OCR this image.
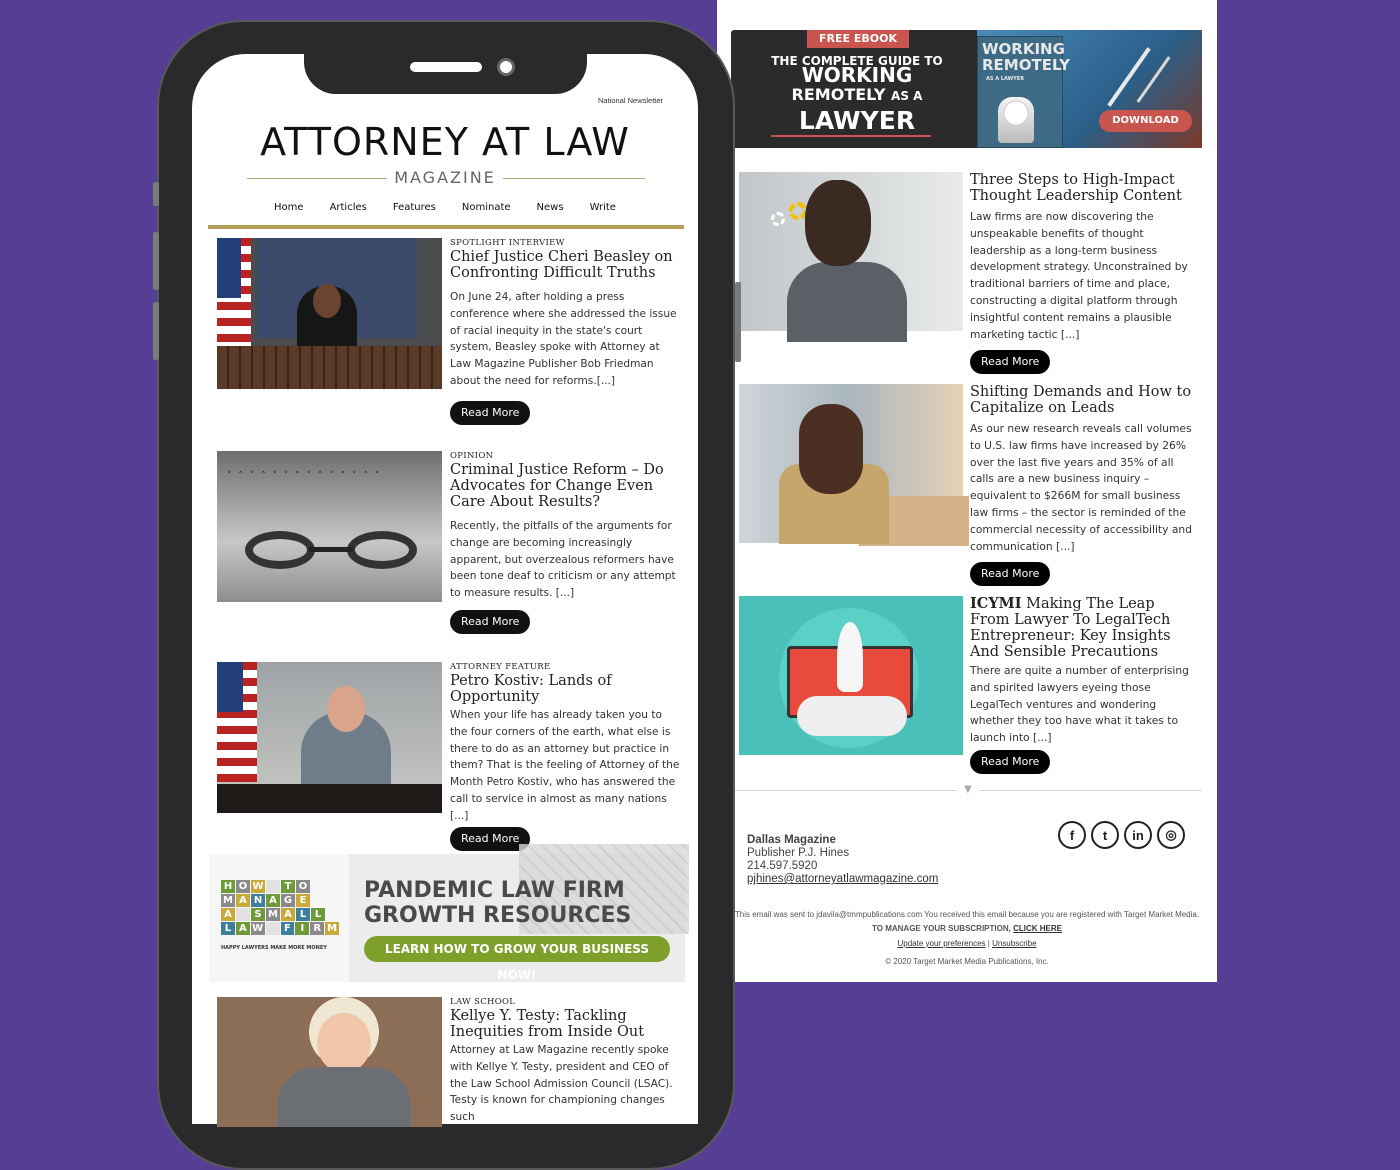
FREE EBOOK
THE COMPLETE GUIDE TO
WORKING
REMOTELY AS A
LAWYER
WORKING
REMOTELY
AS A LAWYER
DOWNLOAD
Three Steps to High-Impact Thought Leadership Content

Law firms are now discovering the unspeakable benefits of thought leadership as a long-term business development strategy. Unconstrained by traditional barriers of time and place, constructing a digital platform through insightful content remains a plausible marketing tactic [...]

Read More
Shifting Demands and How to Capitalize on Leads

As our new research reveals call volumes to U.S. law firms have increased by 26% over the last five years and 35% of all calls are a new business inquiry – equivalent to $266M for small business law firms – the sector is reminded of the commercial necessity of accessibility and communication [...]

Read More
ICYMI Making The Leap From Lawyer To LegalTech Entrepreneur: Key Insights And Sensible Precautions

There are quite a number of enterprising and spirited lawyers eyeing those LegalTech ventures and wondering whether they too have what it takes to launch into [...]

Read More
▼
Dallas Magazine
Publisher P.J. Hines
214.597.5920
pjhines@attorneyatlawmagazine.com
f	t	in	◎
This email was sent to jdavila@tmmpublications.com You received this email because you are registered with Target Market Media.
TO MANAGE YOUR SUBSCRIPTION, CLICK HERE
Update your preferences | Unsubscribe
© 2020 Target Market Media Publications, Inc.
National Newsletter
ATTORNEY AT LAW
MAGAZINE
Home	Articles	Features	Nominate	News	Write
SPOTLIGHT INTERVIEW
Chief Justice Cheri Beasley on Confronting Difficult Truths

On June 24, after holding a press conference where she addressed the issue of racial inequity in the state's court system, Beasley spoke with Attorney at Law Magazine Publisher Bob Friedman about the need for reforms.[...]

Read More
˅ ˄ ˅ ˄ ˅ ˅ ˄ ˅ ˄ ˅ ˄ ˅ ˄ ˅
OPINION
Criminal Justice Reform – Do Advocates for Change Even Care About Results?

Recently, the pitfalls of the arguments for change are becoming increasingly apparent, but overzealous reformers have been tone deaf to criticism or any attempt to measure results. [...]

Read More
ATTORNEY FEATURE
Petro Kostiv: Lands of Opportunity

When your life has already taken you to the four corners of the earth, what else is there to do as an attorney but practice in them? That is the feeling of Attorney of the Month Petro Kostiv, who has answered the call to service in almost as many nations [...]

Read More
H O W	T O
M A N A G E
A	S M A L L
L A W	F I R M
HAPPY LAWYERS MAKE MORE MONEY
PANDEMIC LAW FIRM
GROWTH RESOURCES
LEARN HOW TO GROW YOUR BUSINESS NOW!
LAW SCHOOL
Kellye Y. Testy: Tackling Inequities from Inside Out

Attorney at Law Magazine recently spoke with Kellye Y. Testy, president and CEO of the Law School Admission Council (LSAC). Testy is known for championing changes such
